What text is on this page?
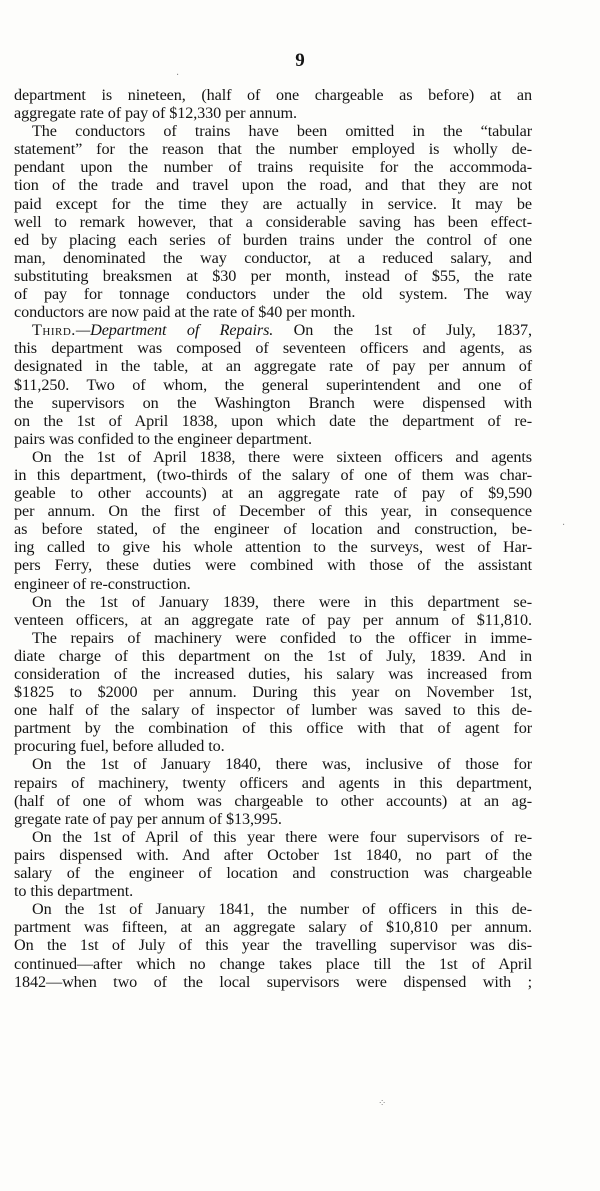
9
department is nineteen, (half of one chargeable as before) at an
aggregate rate of pay of $12,330 per annum.
The conductors of trains have been omitted in the “tabular
statement” for the reason that the number employed is wholly de-
pendant upon the number of trains requisite for the accommoda-
tion of the trade and travel upon the road, and that they are not
paid except for the time they are actually in service. It may be
well to remark however, that a considerable saving has been effect-
ed by placing each series of burden trains under the control of one
man, denominated the way conductor, at a reduced salary, and
substituting breaksmen at $30 per month, instead of $55, the rate
of pay for tonnage conductors under the old system. The way
conductors are now paid at the rate of $40 per month.
Third.—Department of Repairs. On the 1st of July, 1837,
this department was composed of seventeen officers and agents, as
designated in the table, at an aggregate rate of pay per annum of
$11,250. Two of whom, the general superintendent and one of
the supervisors on the Washington Branch were dispensed with
on the 1st of April 1838, upon which date the department of re-
pairs was confided to the engineer department.
On the 1st of April 1838, there were sixteen officers and agents
in this department, (two-thirds of the salary of one of them was char-
geable to other accounts) at an aggregate rate of pay of $9,590
per annum. On the first of December of this year, in consequence
as before stated, of the engineer of location and construction, be-
ing called to give his whole attention to the surveys, west of Har-
pers Ferry, these duties were combined with those of the assistant
engineer of re-construction.
On the 1st of January 1839, there were in this department se-
venteen officers, at an aggregate rate of pay per annum of $11,810.
The repairs of machinery were confided to the officer in imme-
diate charge of this department on the 1st of July, 1839. And in
consideration of the increased duties, his salary was increased from
$1825 to $2000 per annum. During this year on November 1st,
one half of the salary of inspector of lumber was saved to this de-
partment by the combination of this office with that of agent for
procuring fuel, before alluded to.
On the 1st of January 1840, there was, inclusive of those for
repairs of machinery, twenty officers and agents in this department,
(half of one of whom was chargeable to other accounts) at an ag-
gregate rate of pay per annum of $13,995.
On the 1st of April of this year there were four supervisors of re-
pairs dispensed with. And after October 1st 1840, no part of the
salary of the engineer of location and construction was chargeable
to this department.
On the 1st of January 1841, the number of officers in this de-
partment was fifteen, at an aggregate salary of $10,810 per annum.
On the 1st of July of this year the travelling supervisor was dis-
continued—after which no change takes place till the 1st of April
1842—when two of the local supervisors were dispensed with ;
·
·
⁘
